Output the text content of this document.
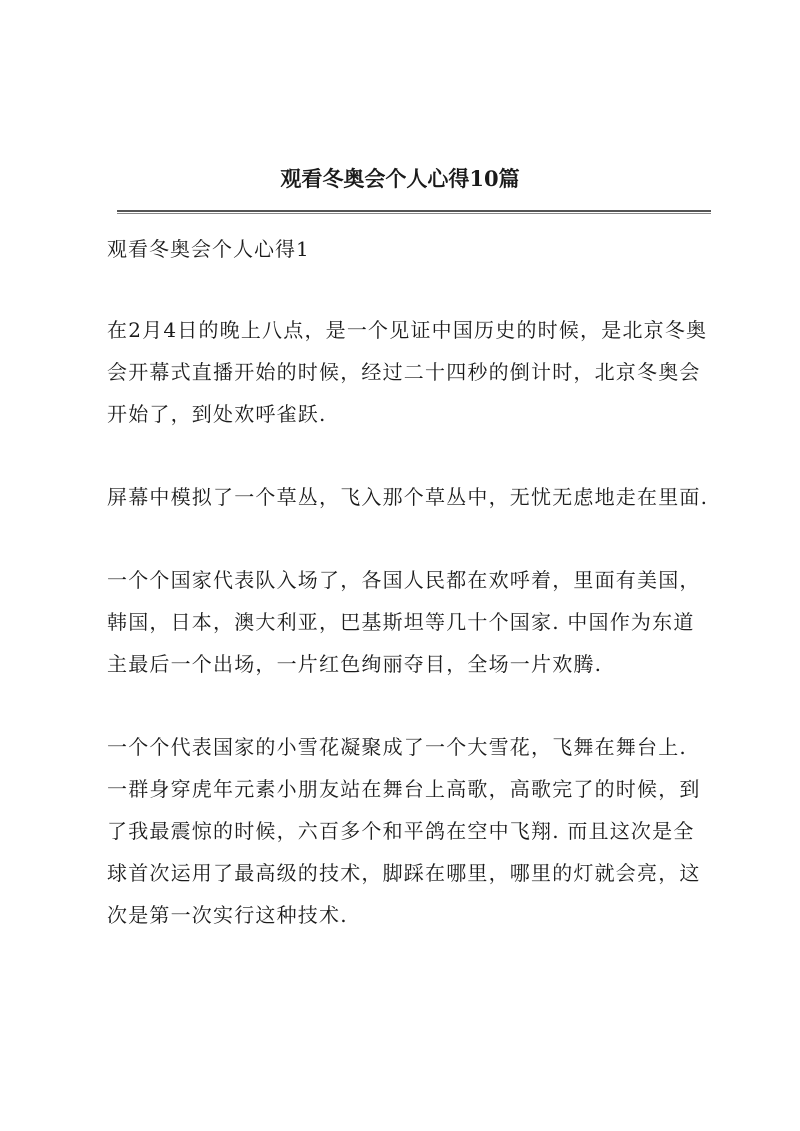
观看冬奥会个人心得10篇
观看冬奥会个人心得1

在2月4日的晚上八点，是一个见证中国历史的时候，是北京冬奥会开幕式直播开始的时候，经过二十四秒的倒计时，北京冬奥会开始了，到处欢呼雀跃.

屏幕中模拟了一个草丛，飞入那个草丛中，无忧无虑地走在里面.

一个个国家代表队入场了，各国人民都在欢呼着，里面有美国，韩国，日本，澳大利亚，巴基斯坦等几十个国家. 中国作为东道主最后一个出场，一片红色绚丽夺目，全场一片欢腾.

一个个代表国家的小雪花凝聚成了一个大雪花，飞舞在舞台上. 一群身穿虎年元素小朋友站在舞台上高歌，高歌完了的时候，到了我最震惊的时候，六百多个和平鸽在空中飞翔. 而且这次是全球首次运用了最高级的技术，脚踩在哪里，哪里的灯就会亮，这次是第一次实行这种技术.
